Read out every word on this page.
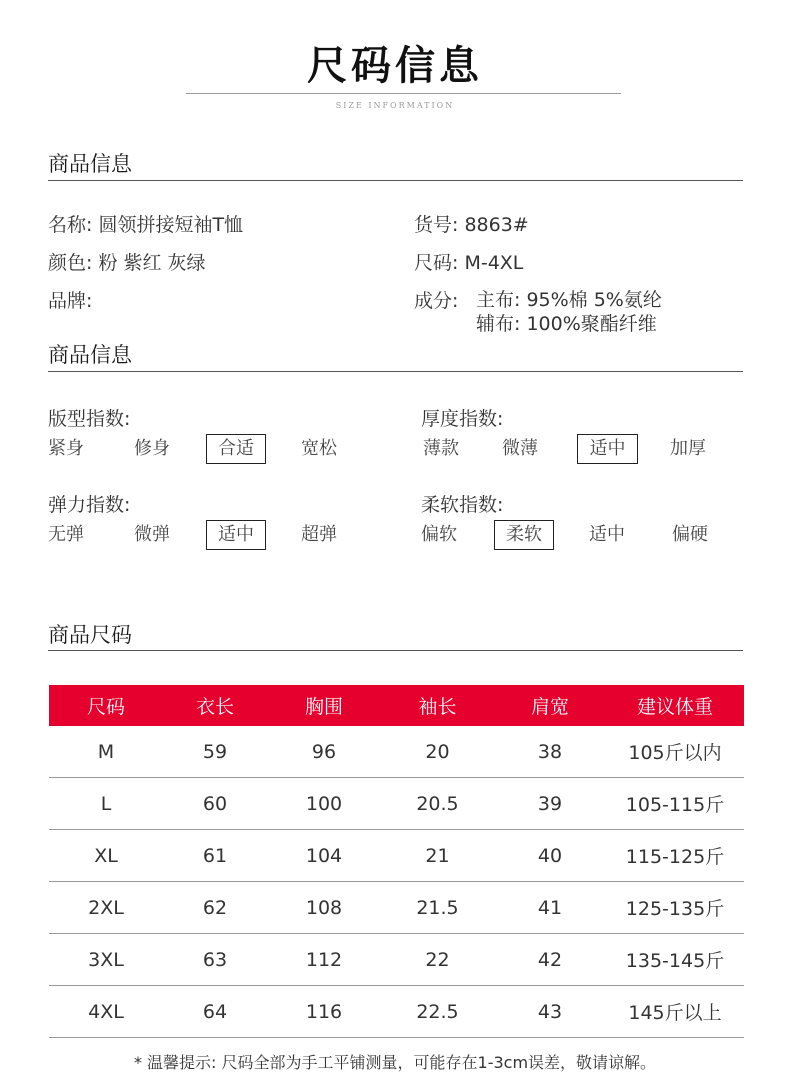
尺码信息
SIZE INFORMATION
商品信息
名称: 圆领拼接短袖T恤	货号: 8863#
颜色: 粉 紫红 灰绿	尺码: M-4XL
品牌:	成分: 主布: 95%棉 5%氨纶
辅布: 100%聚酯纤维
商品信息
版型指数:
紧身	修身	合适	宽松
厚度指数:
薄款 微薄	适中	加厚
弹力指数:
无弹	微弹	适中	超弹
柔软指数:
偏软	柔软	适中	偏硬
商品尺码
尺码	衣长	胸围	袖长	肩宽	建议体重
M	59	96	20	38	105斤以内
L	60	100	20.5	39	105-115斤
XL	61	104	21	40	115-125斤
2XL	62	108	21.5	41	125-135斤
3XL	63	112	22	42	135-145斤
4XL	64	116	22.5	43	145斤以上
* 温馨提示: 尺码全部为手工平铺测量，可能存在1-3cm误差，敬请谅解。
